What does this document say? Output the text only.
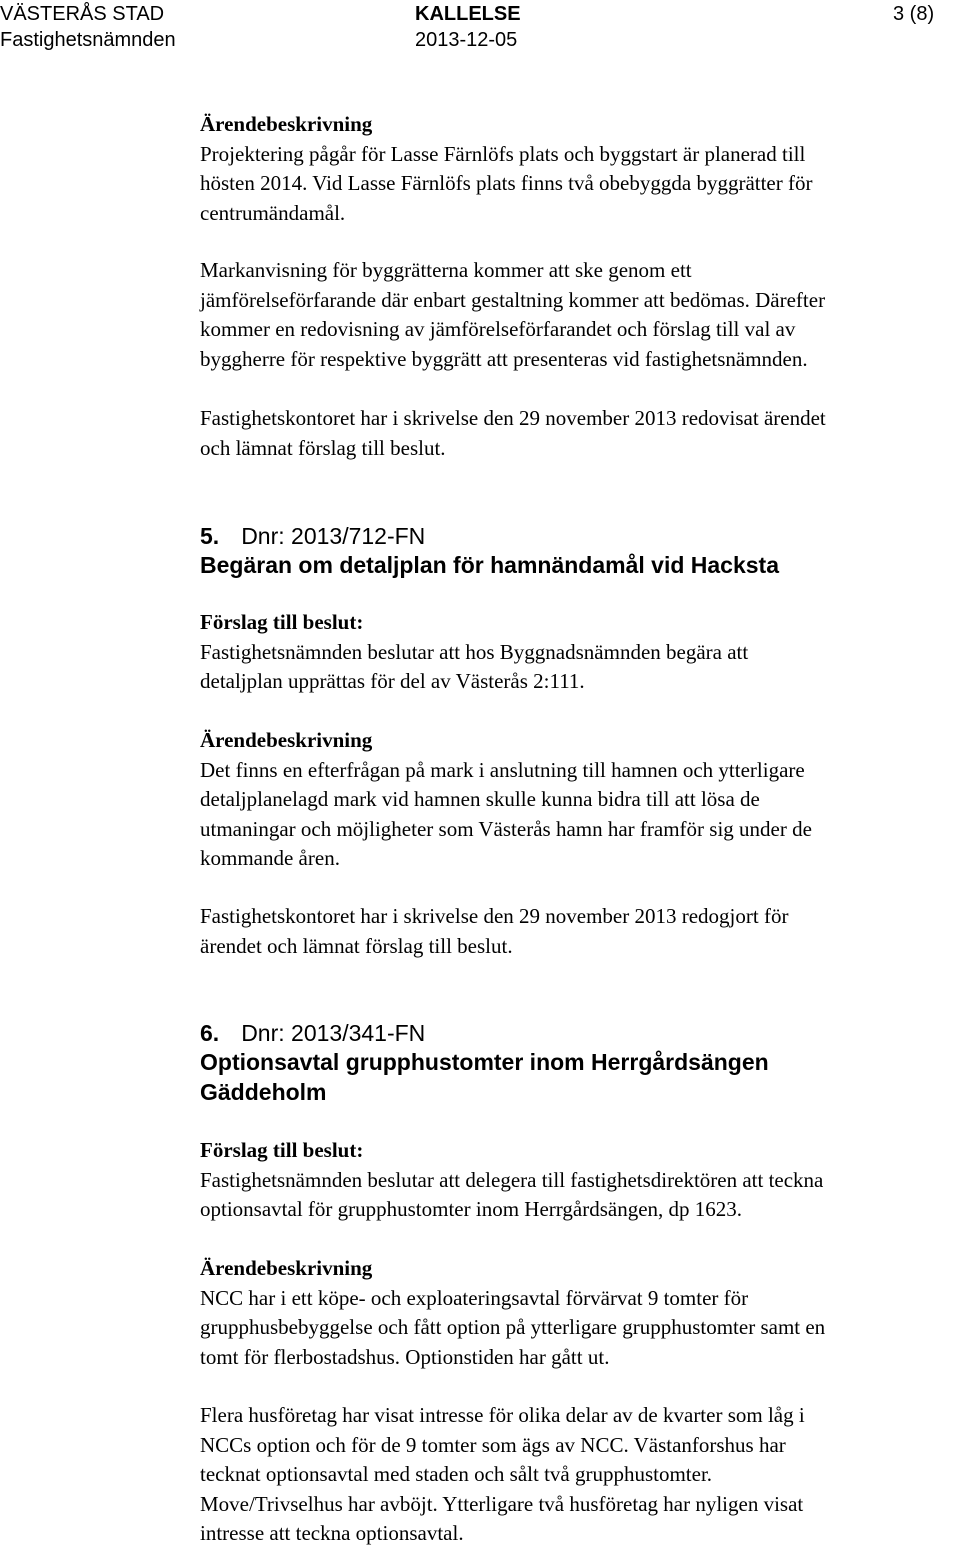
VÄSTERÅS STAD
Fastighetsnämnden
KALLELSE
2013-12-05
3 (8)
Ärendebeskrivning

Projektering pågår för Lasse Färnlöfs plats och byggstart är planerad till
hösten 2014. Vid Lasse Färnlöfs plats finns två obebyggda byggrätter för
centrumändamål.

Markanvisning för byggrätterna kommer att ske genom ett
jämförelseförfarande där enbart gestaltning kommer att bedömas. Därefter
kommer en redovisning av jämförelseförfarandet och förslag till val av
byggherre för respektive byggrätt att presenteras vid fastighetsnämnden.
Fastighetskontoret har i skrivelse den 29 november 2013 redovisat ärendet
och lämnat förslag till beslut.
5. Dnr: 2013/712-FN
Begäran om detaljplan för hamnändamål vid Hacksta
Förslag till beslut:
Fastighetsnämnden beslutar att hos Byggnadsnämnden begära att
detaljplan upprättas för del av Västerås 2:111.
Ärendebeskrivning
Det finns en efterfrågan på mark i anslutning till hamnen och ytterligare
detaljplanelagd mark vid hamnen skulle kunna bidra till att lösa de
utmaningar och möjligheter som Västerås hamn har framför sig under de
kommande åren.
Fastighetskontoret har i skrivelse den 29 november 2013 redogjort för
ärendet och lämnat förslag till beslut.
6. Dnr: 2013/341-FN
Optionsavtal grupphustomter inom Herrgårdsängen
Gäddeholm
Förslag till beslut:
Fastighetsnämnden beslutar att delegera till fastighetsdirektören att teckna
optionsavtal för grupphustomter inom Herrgårdsängen, dp 1623.
Ärendebeskrivning
NCC har i ett köpe- och exploateringsavtal förvärvat 9 tomter för
grupphusbebyggelse och fått option på ytterligare grupphustomter samt en
tomt för flerbostadshus. Optionstiden har gått ut.
Flera husföretag har visat intresse för olika delar av de kvarter som låg i
NCCs option och för de 9 tomter som ägs av NCC. Västanforshus har
tecknat optionsavtal med staden och sålt två grupphustomter.
Move/Trivselhus har avböjt. Ytterligare två husföretag har nyligen visat
intresse att teckna optionsavtal.
